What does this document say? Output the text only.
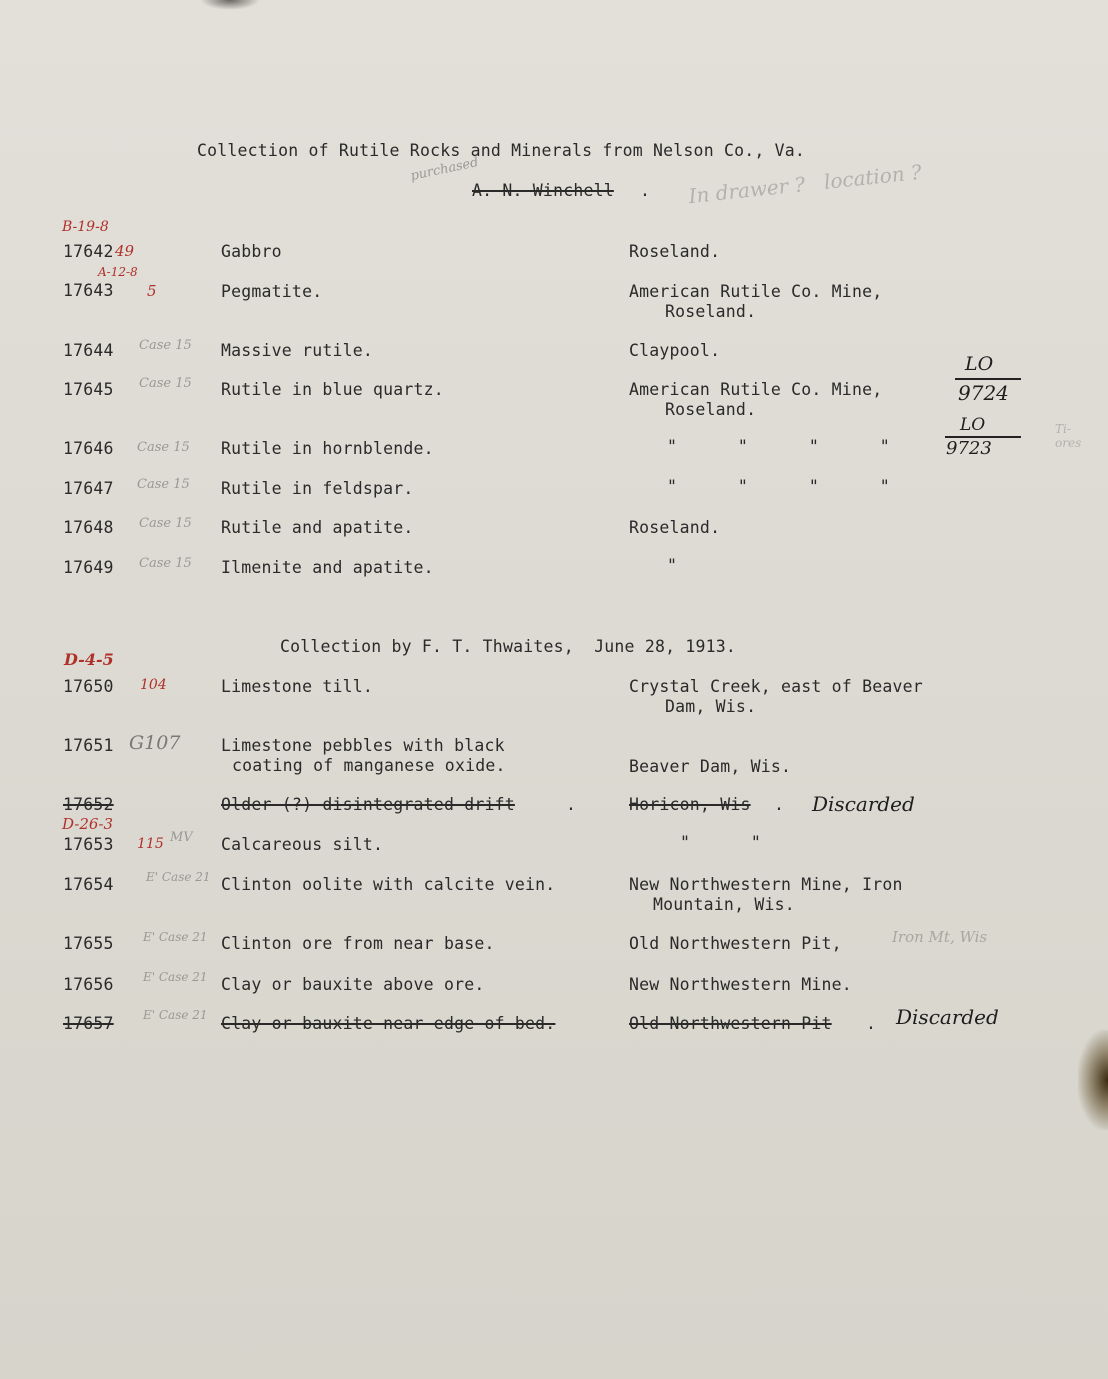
Collection of Rutile Rocks and Minerals from Nelson Co., Va.
purchased
A. N. Winchell . In drawer ?   location ?
B-19-8
17642 49	Gabbro	Roseland.
A-12-8
17643 5	Pegmatite.	American Rutile Co. Mine,
Roseland.
17644 Case 15 Massive rutile.	Claypool.
17645 Case 15 Rutile in blue quartz.	American Rutile Co. Mine,
Roseland.
LO
9724
LO
9723
Ti-ores
17646 Case 15 Rutile in hornblende.	"      "      "      "
17647 Case 15 Rutile in feldspar.	"      "      "      "
17648 Case 15 Rutile and apatite.	Roseland.
17649 Case 15 Ilmenite and apatite.	"
Collection by F. T. Thwaites,  June 28, 1913.
D-4-5
17650 104	Limestone till.	Crystal Creek, east of Beaver
Dam, Wis.
17651 G107 Limestone pebbles with black
coating of manganese oxide.	Beaver Dam, Wis.
17652	Older (?) disintegrated drift	.	Horicon, Wis . Discarded
D-26-3
17653 115 MV Calcareous silt.	"      "
17654	E' Case 21 Clinton oolite with calcite vein.	New Northwestern Mine, Iron
Mountain, Wis.
17655 E' Case 21 Clinton ore from near base.	Old Northwestern Pit,	Iron Mt, Wis
17656 E' Case 21 Clay or bauxite above ore.	New Northwestern Mine.
17657 E' Case 21 Clay or bauxite near edge of bed.	Old Northwestern Pit . Discarded
